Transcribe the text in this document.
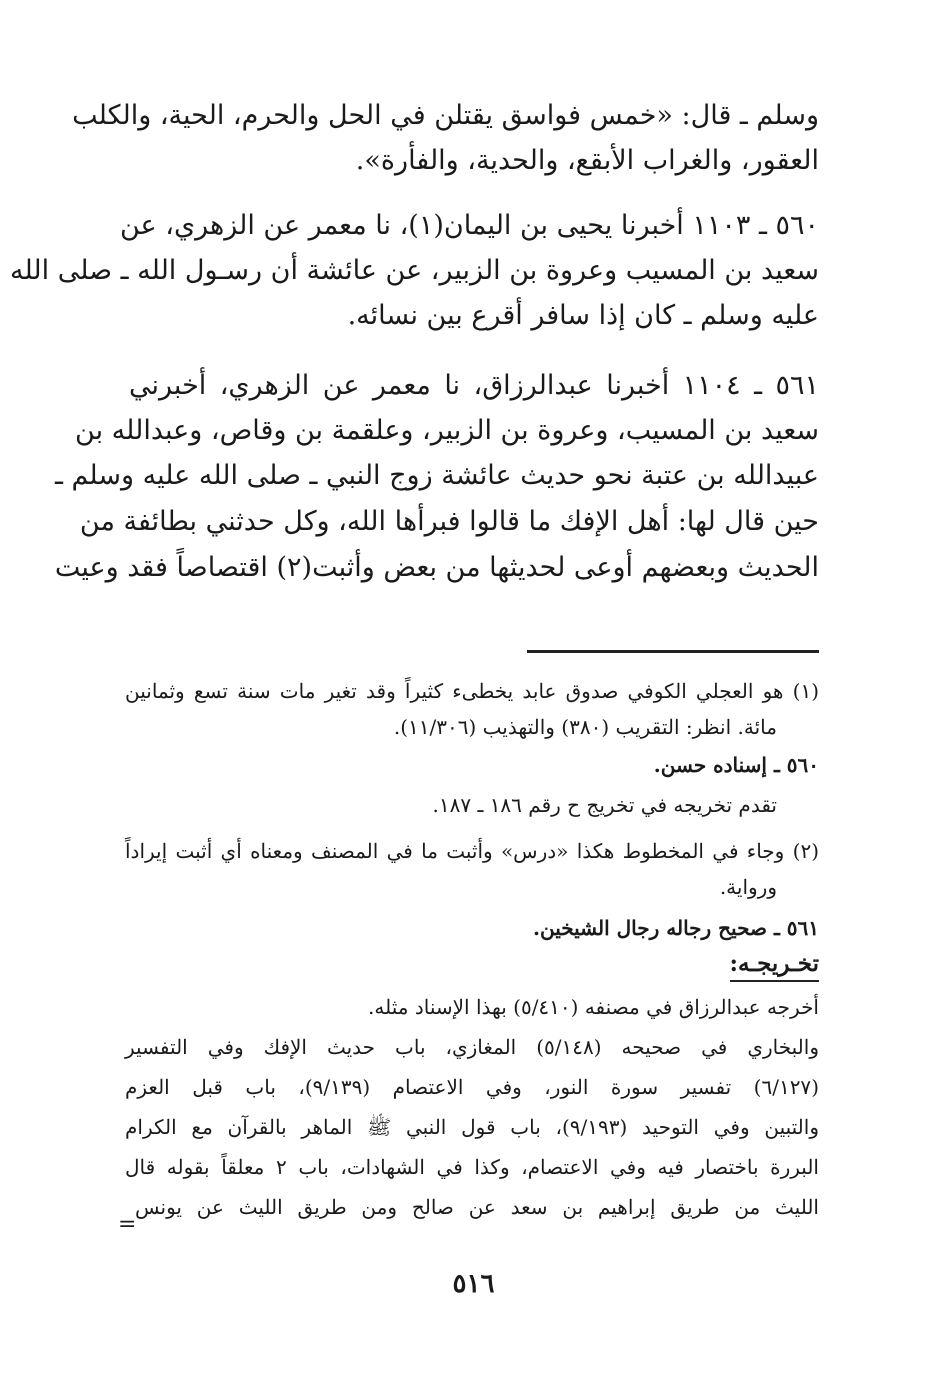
وسلم ـ قال: «خمس فواسق يقتلن في الحل والحرم، الحية، والكلب
العقور، والغراب الأبقع، والحدية، والفأرة».
٥٦٠ ـ ١١٠٣ أخبرنا يحيى بن اليمان(١)، نا معمر عن الزهري، عن
سعيد بن المسيب وعروة بن الزبير، عن عائشة أن رسـول الله ـ صلى الله
عليه وسلم ـ كان إذا سافر أقرع بين نسائه.
٥٦١ ـ ١١٠٤ أخبرنا عبدالرزاق، نا معمر عن الزهري، أخبرني
سعيد بن المسيب، وعروة بن الزبير، وعلقمة بن وقاص، وعبدالله بن
عبيدالله بن عتبة نحو حديث عائشة زوج النبي ـ صلى الله عليه وسلم ـ
حين قال لها: أهل الإفك ما قالوا فبرأها الله، وكل حدثني بطائفة من
الحديث وبعضهم أوعى لحديثها من بعض وأثبت(٢) اقتصاصاً فقد وعيت
(١) هو العجلي الكوفي صدوق عابد يخطىء كثيراً وقد تغير مات سنة تسع وثمانين
مائة. انظر: التقريب (٣٨٠) والتهذيب (١١/٣٠٦).
٥٦٠ ـ إسناده حسن.
تقدم تخريجه في تخريج ح رقم ١٨٦ ـ ١٨٧.
(٢) وجاء في المخطوط هكذا «درس» وأثبت ما في المصنف ومعناه أي أثبت إيراداً
ورواية.
٥٦١ ـ صحيح رجاله رجال الشيخين.
تخـريجـه:
أخرجه عبدالرزاق في مصنفه (٥/٤١٠) بهذا الإسناد مثله.
والبخاري في صحيحه (٥/١٤٨) المغازي، باب حديث الإفك وفي التفسير
(٦/١٢٧) تفسير سورة النور، وفي الاعتصام (٩/١٣٩)، باب قبل العزم
والتبين وفي التوحيد (٩/١٩٣)، باب قول النبي ﷺ الماهر بالقرآن مع الكرام
البررة باختصار فيه وفي الاعتصام، وكذا في الشهادات، باب ٢ معلقاً بقوله قال
الليث من طريق إبراهيم بن سعد عن صالح ومن طريق الليث عن يونس
=
٥١٦
